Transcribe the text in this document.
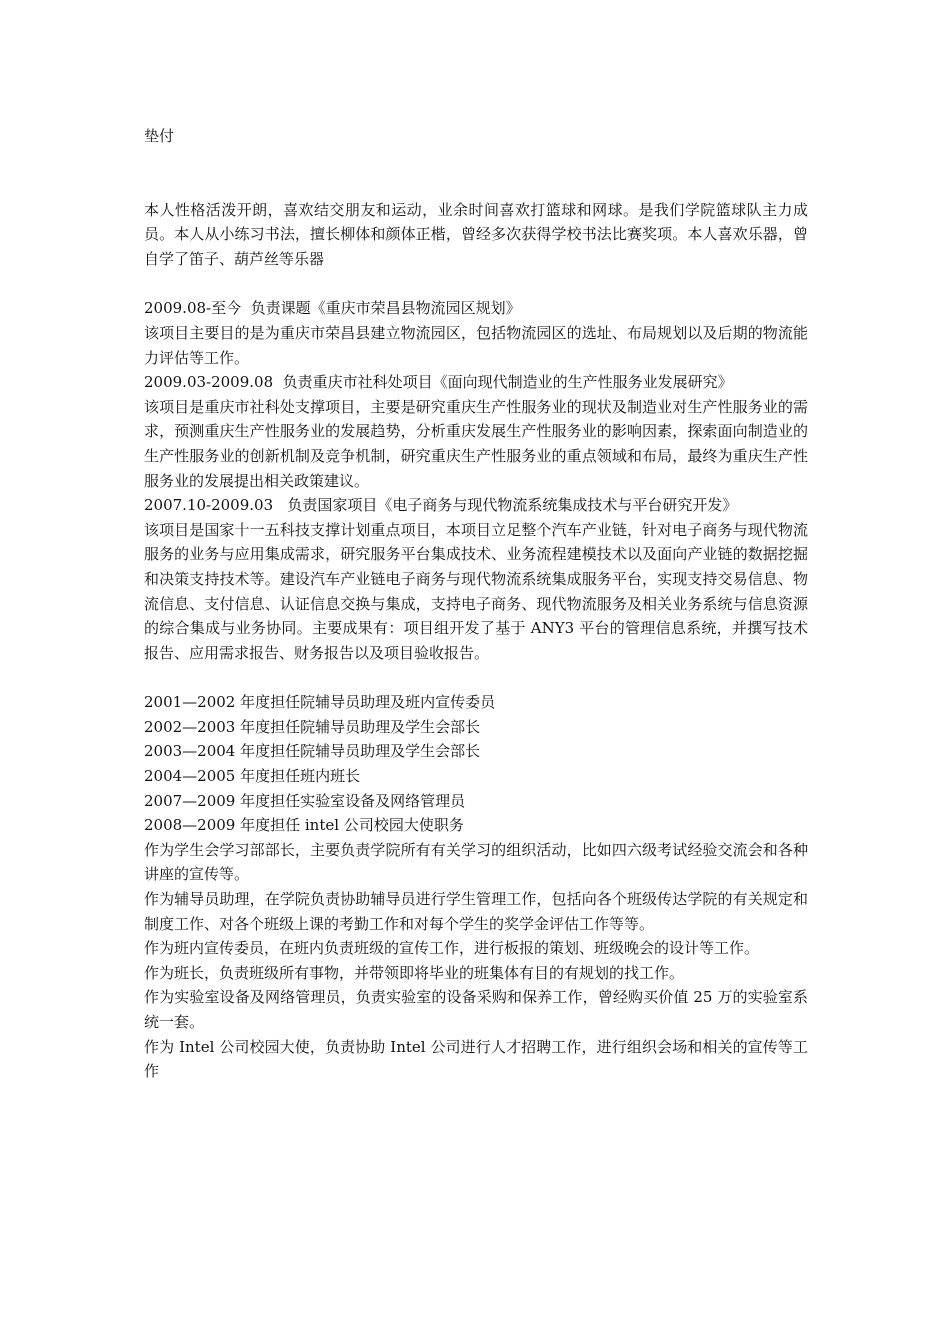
垫付

本人性格活泼开朗，喜欢结交朋友和运动，业余时间喜欢打篮球和网球。是我们学院篮球队主力成员。本人从小练习书法，擅长柳体和颜体正楷，曾经多次获得学校书法比赛奖项。本人喜欢乐器，曾自学了笛子、葫芦丝等乐器

2009.08-至今  负责课题《重庆市荣昌县物流园区规划》

该项目主要目的是为重庆市荣昌县建立物流园区，包括物流园区的选址、布局规划以及后期的物流能力评估等工作。

2009.03-2009.08  负责重庆市社科处项目《面向现代制造业的生产性服务业发展研究》

该项目是重庆市社科处支撑项目，主要是研究重庆生产性服务业的现状及制造业对生产性服务业的需求，预测重庆生产性服务业的发展趋势，分析重庆发展生产性服务业的影响因素，探索面向制造业的生产性服务业的创新机制及竞争机制，研究重庆生产性服务业的重点领域和布局，最终为重庆生产性服务业的发展提出相关政策建议。

2007.10-2009.03   负责国家项目《电子商务与现代物流系统集成技术与平台研究开发》

该项目是国家十一五科技支撑计划重点项目，本项目立足整个汽车产业链，针对电子商务与现代物流服务的业务与应用集成需求，研究服务平台集成技术、业务流程建模技术以及面向产业链的数据挖掘和决策支持技术等。建设汽车产业链电子商务与现代物流系统集成服务平台，实现支持交易信息、物流信息、支付信息、认证信息交换与集成，支持电子商务、现代物流服务及相关业务系统与信息资源的综合集成与业务协同。主要成果有：项目组开发了基于 ANY3 平台的管理信息系统，并撰写技术报告、应用需求报告、财务报告以及项目验收报告。

2001—2002 年度担任院辅导员助理及班内宣传委员

2002—2003 年度担任院辅导员助理及学生会部长

2003—2004 年度担任院辅导员助理及学生会部长

2004—2005 年度担任班内班长

2007—2009 年度担任实验室设备及网络管理员

2008—2009 年度担任 intel 公司校园大使职务

作为学生会学习部部长，主要负责学院所有有关学习的组织活动，比如四六级考试经验交流会和各种讲座的宣传等。

作为辅导员助理，在学院负责协助辅导员进行学生管理工作，包括向各个班级传达学院的有关规定和制度工作、对各个班级上课的考勤工作和对每个学生的奖学金评估工作等等。

作为班内宣传委员，在班内负责班级的宣传工作，进行板报的策划、班级晚会的设计等工作。

作为班长，负责班级所有事物，并带领即将毕业的班集体有目的有规划的找工作。

作为实验室设备及网络管理员，负责实验室的设备采购和保养工作，曾经购买价值 25 万的实验室系统一套。

作为 Intel 公司校园大使，负责协助 Intel 公司进行人才招聘工作，进行组织会场和相关的宣传等工作
